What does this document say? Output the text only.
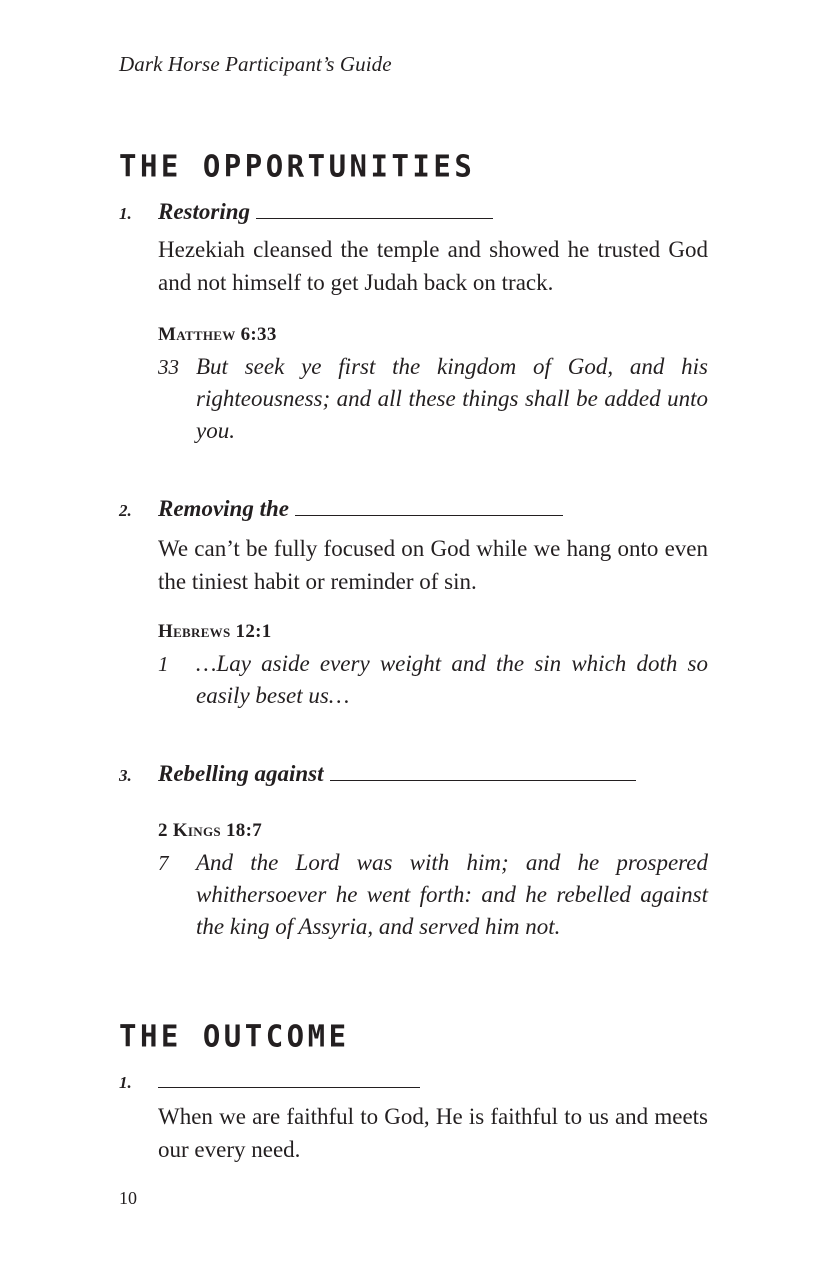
Dark Horse Participant’s Guide
THE OPPORTUNITIES
1. Restoring
Hezekiah cleansed the temple and showed he trusted God and not himself to get Judah back on track.
Matthew 6:33
33 But seek ye first the kingdom of God, and his righteousness; and all these things shall be added unto you.
2. Removing the
We can’t be fully focused on God while we hang onto even the tiniest habit or reminder of sin.
Hebrews 12:1
1 …Lay aside every weight and the sin which doth so easily beset us…
3. Rebelling against
2 Kings 18:7
7 And the Lord was with him; and he prospered whithersoever he went forth: and he rebelled against the king of Assyria, and served him not.
THE OUTCOME
1.
When we are faithful to God, He is faithful to us and meets our every need.
10
